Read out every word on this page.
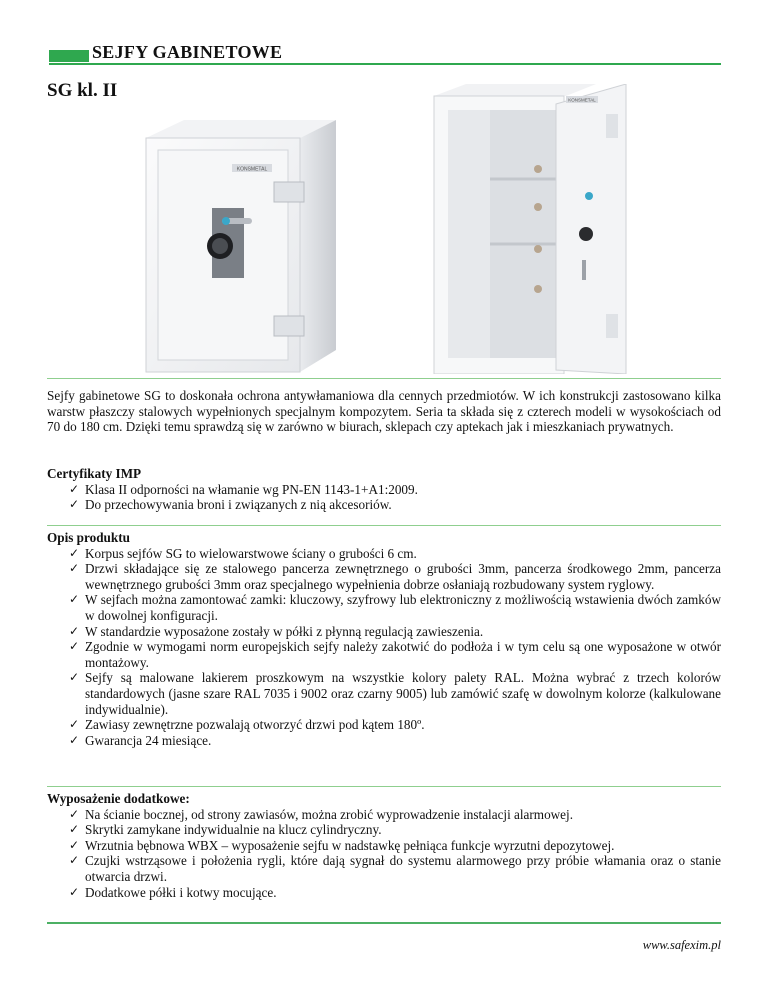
SEJFY GABINETOWE
SG kl. II
KONSMETAL
KONSMETAL
Sejfy gabinetowe SG to doskonała ochrona antywłamaniowa dla cennych przedmiotów. W ich konstrukcji zastosowano kilka warstw płaszczy stalowych wypełnionych specjalnym kompozytem. Seria ta składa się z czterech modeli w wysokościach od 70 do 180 cm. Dzięki temu sprawdzą się w zarówno w biurach, sklepach czy aptekach jak i mieszkaniach prywatnych.
Certyfikaty IMP
✓ Klasa II odporności na włamanie wg PN-EN 1143-1+A1:2009.
✓ Do przechowywania broni i związanych z nią akcesoriów.
Opis produktu
✓ Korpus sejfów SG to wielowarstwowe ściany o grubości 6 cm.
✓ Drzwi składające się ze stalowego pancerza zewnętrznego o grubości 3mm, pancerza środkowego 2mm, pancerza wewnętrznego grubości 3mm oraz specjalnego wypełnienia dobrze osłaniają rozbudowany system ryglowy.
✓ W sejfach można zamontować zamki: kluczowy, szyfrowy lub elektroniczny z możliwością wstawienia dwóch zamków w dowolnej konfiguracji.
✓ W standardzie wyposażone zostały w półki z płynną regulacją zawieszenia.
✓ Zgodnie w wymogami norm europejskich sejfy należy zakotwić do podłoża i w tym celu są one wyposażone w otwór montażowy.
✓ Sejfy są malowane lakierem proszkowym na wszystkie kolory palety RAL. Można wybrać z trzech kolorów standardowych (jasne szare RAL 7035 i 9002 oraz czarny 9005) lub zamówić szafę w dowolnym kolorze (kalkulowane indywidualnie).
✓ Zawiasy zewnętrzne pozwalają otworzyć drzwi pod kątem 180º.
✓ Gwarancja 24 miesiące.
Wyposażenie dodatkowe:
✓ Na ścianie bocznej, od strony zawiasów, można zrobić wyprowadzenie instalacji alarmowej.
✓ Skrytki zamykane indywidualnie na klucz cylindryczny.
✓ Wrzutnia bębnowa WBX – wyposażenie sejfu w nadstawkę pełniąca funkcje wyrzutni depozytowej.
✓ Czujki wstrząsowe i położenia rygli, które dają sygnał do systemu alarmowego przy próbie włamania oraz o stanie otwarcia drzwi.
✓ Dodatkowe półki i kotwy mocujące.
www.safexim.pl
